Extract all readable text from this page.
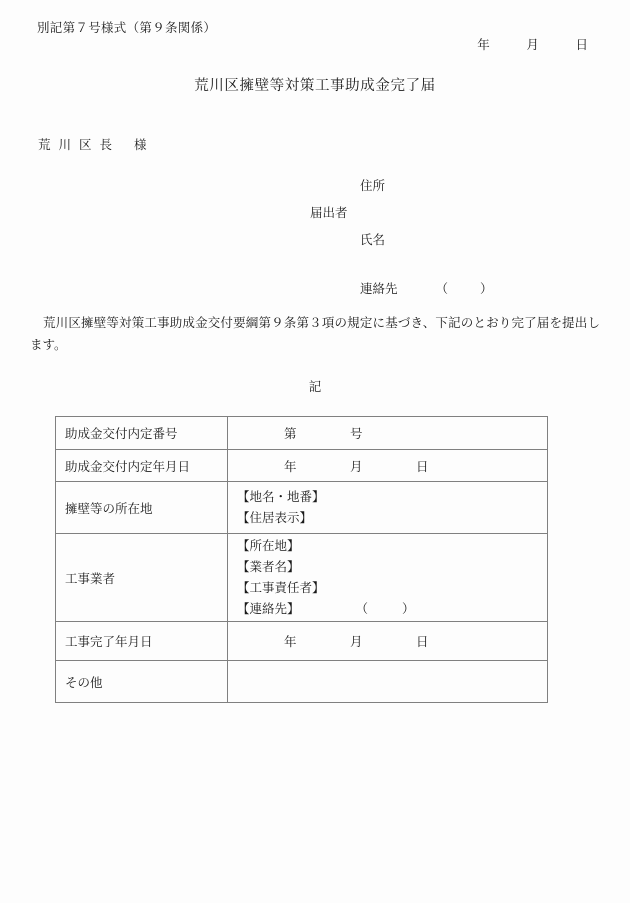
別記第７号様式（第９条関係）
年	月	日
荒川区擁壁等対策工事助成金完了届
荒川区長 様
住所
届出者
氏名
連絡先	（	）
荒川区擁壁等対策工事助成金交付要綱第９条第３項の規定に基づき、下記のとおり完了届を提出します。
記
助成金交付内定番号	第 号

助成金交付内定年月日	年 月 日

擁壁等の所在地	【地名・地番】
【住居表示】

工事業者	【所在地】
【業者名】
【工事責任者】
【連絡先】 （ ）

工事完了年月日	年 月 日

その他	
